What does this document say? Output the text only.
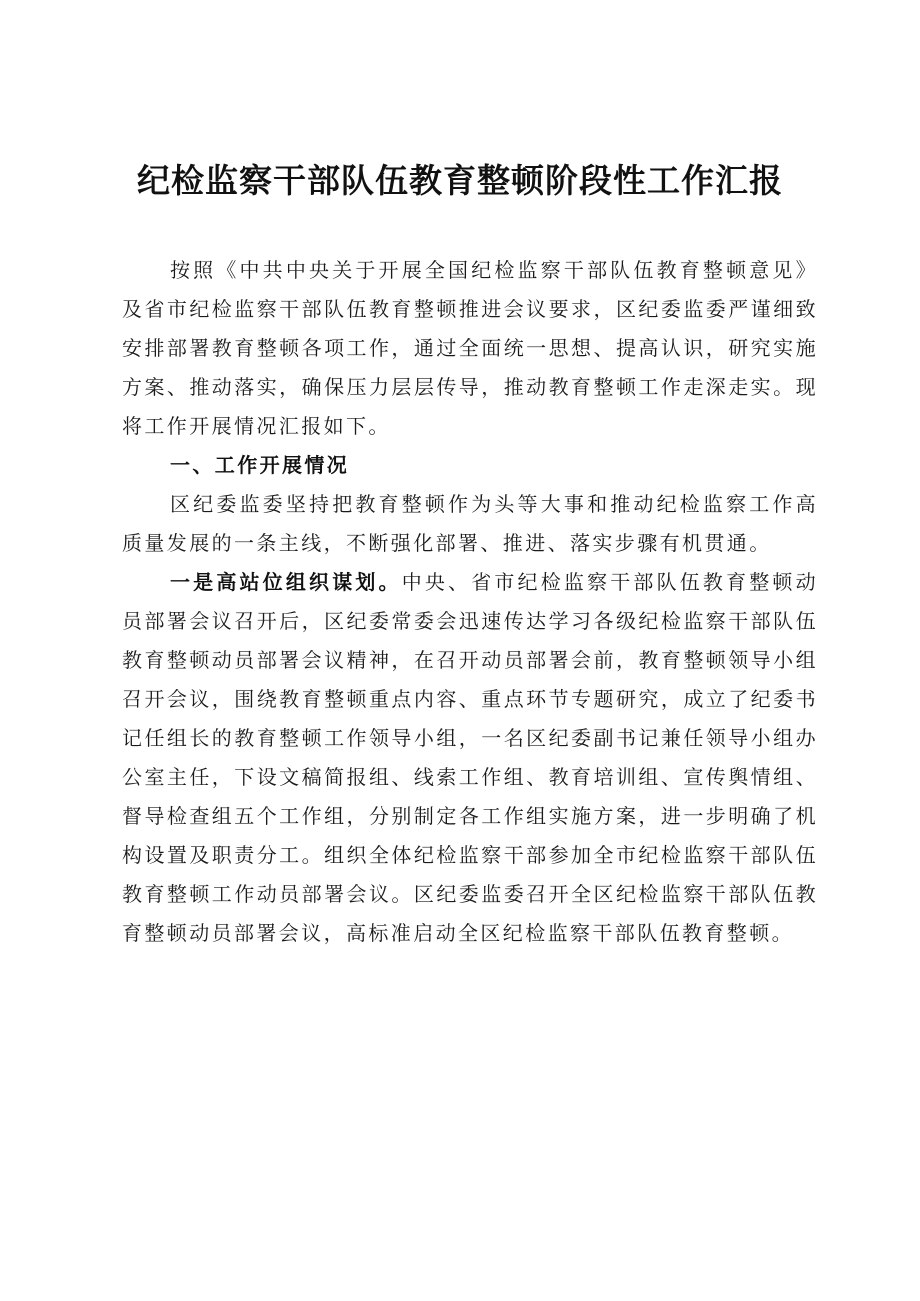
纪检监察干部队伍教育整顿阶段性工作汇报

按照《中共中央关于开展全国纪检监察干部队伍教育整顿意见》及省市纪检监察干部队伍教育整顿推进会议要求，区纪委监委严谨细致安排部署教育整顿各项工作，通过全面统一思想、提高认识，研究实施方案、推动落实，确保压力层层传导，推动教育整顿工作走深走实。现将工作开展情况汇报如下。

一、工作开展情况

区纪委监委坚持把教育整顿作为头等大事和推动纪检监察工作高质量发展的一条主线，不断强化部署、推进、落实步骤有机贯通。

一是高站位组织谋划。中央、省市纪检监察干部队伍教育整顿动员部署会议召开后，区纪委常委会迅速传达学习各级纪检监察干部队伍教育整顿动员部署会议精神，在召开动员部署会前，教育整顿领导小组召开会议，围绕教育整顿重点内容、重点环节专题研究，成立了纪委书记任组长的教育整顿工作领导小组，一名区纪委副书记兼任领导小组办公室主任，下设文稿简报组、线索工作组、教育培训组、宣传舆情组、督导检查组五个工作组，分别制定各工作组实施方案，进一步明确了机构设置及职责分工。组织全体纪检监察干部参加全市纪检监察干部队伍教育整顿工作动员部署会议。区纪委监委召开全区纪检监察干部队伍教育整顿动员部署会议，高标准启动全区纪检监察干部队伍教育整顿。
